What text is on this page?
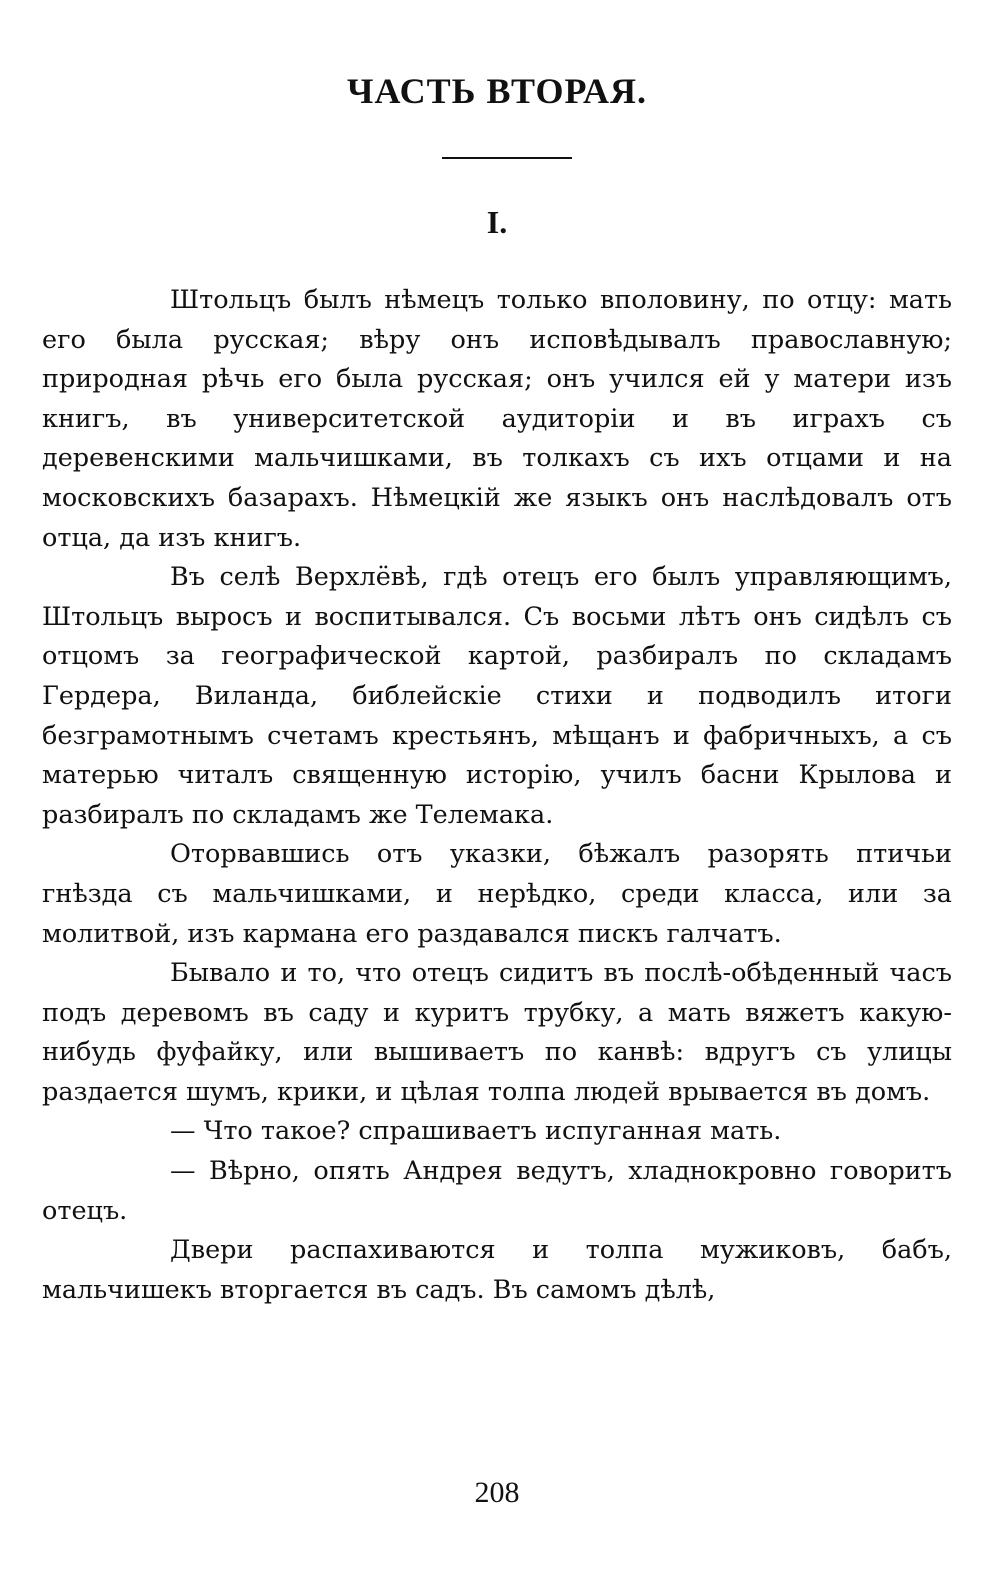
ЧАСТЬ ВТОРАЯ.
I.

Штольцъ былъ нѣмецъ только вполовину, по отцу: мать его была русская; вѣру онъ исповѣдывалъ православную; природная рѣчь его была русская; онъ учился ей у матери изъ книгъ, въ университетской аудиторіи и въ играхъ съ деревенскими мальчишками, въ толкахъ съ ихъ отцами и на московскихъ базарахъ. Нѣмецкій же языкъ онъ наслѣдовалъ отъ отца, да изъ книгъ.

Въ селѣ Верхлёвѣ, гдѣ отецъ его былъ управляющимъ, Штольцъ выросъ и воспитывался. Съ восьми лѣтъ онъ сидѣлъ съ отцомъ за географической картой, разбиралъ по складамъ Гердера, Виланда, библейскіе стихи и подводилъ итоги безграмотнымъ счетамъ крестьянъ, мѣщанъ и фабричныхъ, а съ матерью читалъ священную исторію, училъ басни Крылова и разбиралъ по складамъ же Телемака.

Оторвавшись отъ указки, бѣжалъ разорять птичьи гнѣзда съ мальчишками, и нерѣдко, среди класса, или за молитвой, изъ кармана его раздавался пискъ галчатъ.

Бывало и то, что отецъ сидитъ въ послѣ-обѣденный часъ подъ деревомъ въ саду и куритъ трубку, а мать вяжетъ какую-нибудь фуфайку, или вышиваетъ по канвѣ: вдругъ съ улицы раздается шумъ, крики, и цѣлая толпа людей врывается въ домъ.

— Что такое? спрашиваетъ испуганная мать.

— Вѣрно, опять Андрея ведутъ, хладнокровно говоритъ отецъ.

Двери распахиваются и толпа мужиковъ, бабъ, мальчишекъ вторгается въ садъ. Въ самомъ дѣлѣ,

208
